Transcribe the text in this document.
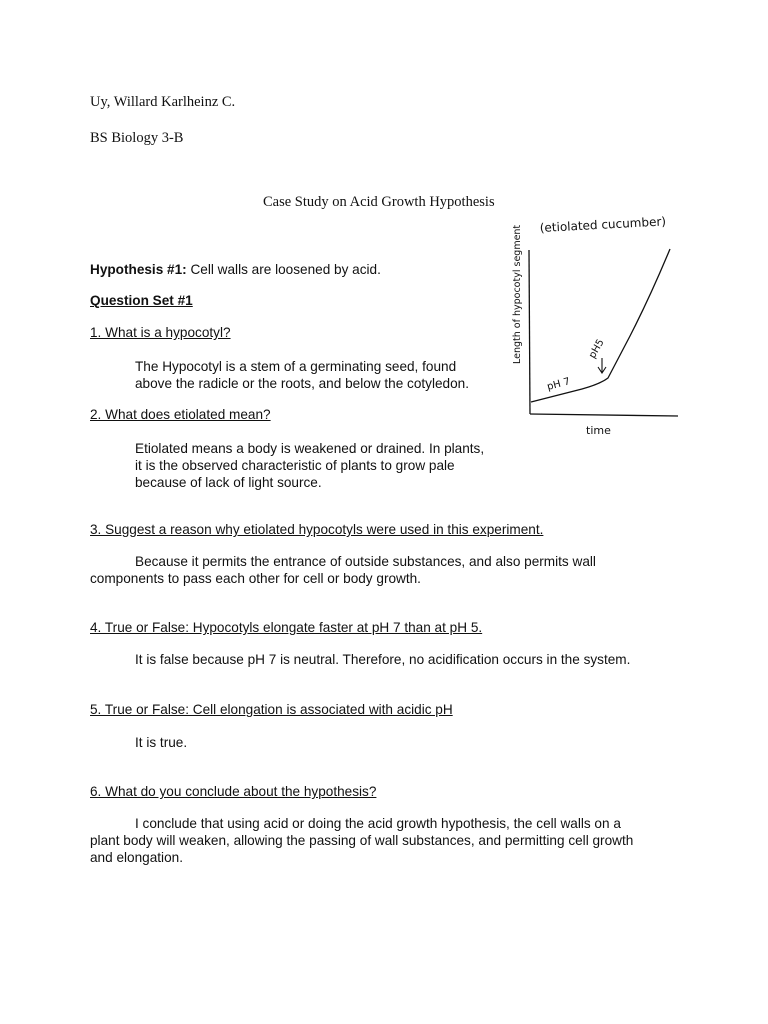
Uy, Willard Karlheinz C.
BS Biology 3-B
Case Study on Acid Growth Hypothesis
Hypothesis #1: Cell walls are loosened by acid.
Question Set #1
1. What is a hypocotyl?
The Hypocotyl is a stem of a germinating seed, found
above the radicle or the roots, and below the cotyledon.
2. What does etiolated mean?
Etiolated means a body is weakened or drained. In plants,
it is the observed characteristic of plants to grow pale
because of lack of light source.
3. Suggest a reason why etiolated hypocotyls were used in this experiment.
Because it permits the entrance of outside substances, and also permits wall components to pass each other for cell or body growth.
4. True or False: Hypocotyls elongate faster at pH 7 than at pH 5.
It is false because pH 7 is neutral. Therefore, no acidification occurs in the system.
5. True or False: Cell elongation is associated with acidic pH
It is true.
6. What do you conclude about the hypothesis?
I conclude that using acid or doing the acid growth hypothesis, the cell walls on a plant body will weaken, allowing the passing of wall substances, and permitting cell growth and elongation.
(etiolated cucumber)
Length of hypocotyl segment
time
pH 7
pH5
